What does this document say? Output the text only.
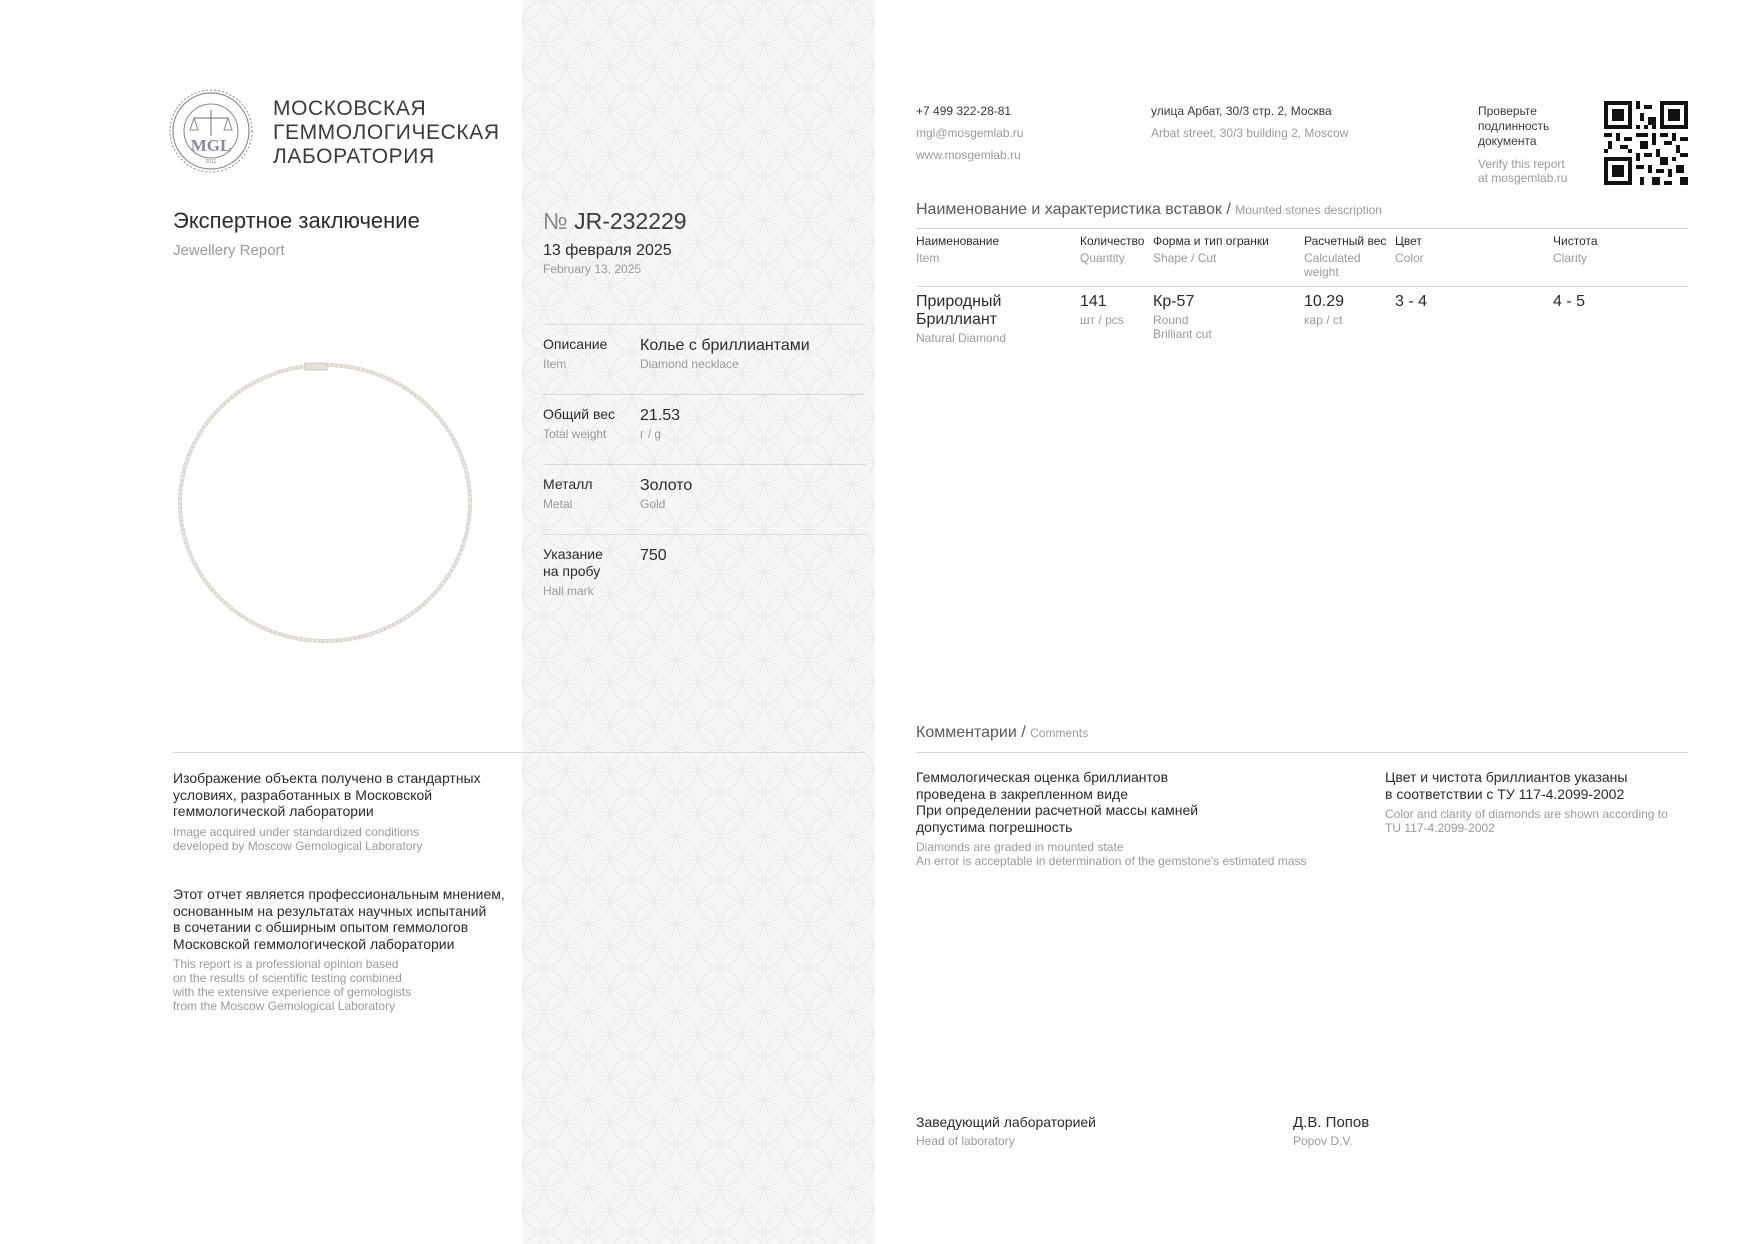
MGL
2012
МОСКОВСКАЯ
ГЕММОЛОГИЧЕСКАЯ
ЛАБОРАТОРИЯ
Экспертное заключение
Jewellery Report
№ JR-232229
13 февраля 2025
February 13, 2025
Описание
Item
Колье с бриллиантами
Diamond necklace
Общий вес
Total weight
21.53
г / g
Металл
Metal
Золото
Gold
Указание
на пробу
Hall mark
750
+7 499 322-28-81
mgl@mosgemlab.ru
www.mosgemlab.ru
улица Арбат, 30/3 стр. 2, Москва
Arbat street, 30/3 building 2, Moscow
Проверьте
подлинность
документа
Verify this report
at mosgemlab.ru
Наименование и характеристика вставок / Mounted stones description
Наименование
Item
Количество
Quantity
Форма и тип огранки
Shape / Cut
Расчетный вес
Calculated
weight
Цвет
Color
Чистота
Clarity
Природный
Бриллиант
Natural Diamond
141
шт / pcs
Кр-57
Round
Brilliant cut
10.29
кар / ct
3 - 4	4 - 5
Изображение объекта получено в стандартных
условиях, разработанных в Московской
геммологической лаборатории
Image acquired under standardized conditions
developed by Moscow Gemological Laboratory
Этот отчет является профессиональным мнением,
основанным на результатах научных испытаний
в сочетании с обширным опытом геммологов
Московской геммологической лаборатории
This report is a professional opinion based
on the results of scientific testing combined
with the extensive experience of gemologists
from the Moscow Gemological Laboratory
Комментарии / Comments
Геммологическая оценка бриллиантов
проведена в закрепленном виде
При определении расчетной массы камней
допустима погрешность
Diamonds are graded in mounted state
An error is acceptable in determination of the gemstone's estimated mass
Цвет и чистота бриллиантов указаны
в соответствии с ТУ 117-4.2099-2002
Color and clarity of diamonds are shown according to
TU 117-4.2099-2002
Заведующий лабораторией
Head of laboratory
Д.В. Попов
Popov D.V.
